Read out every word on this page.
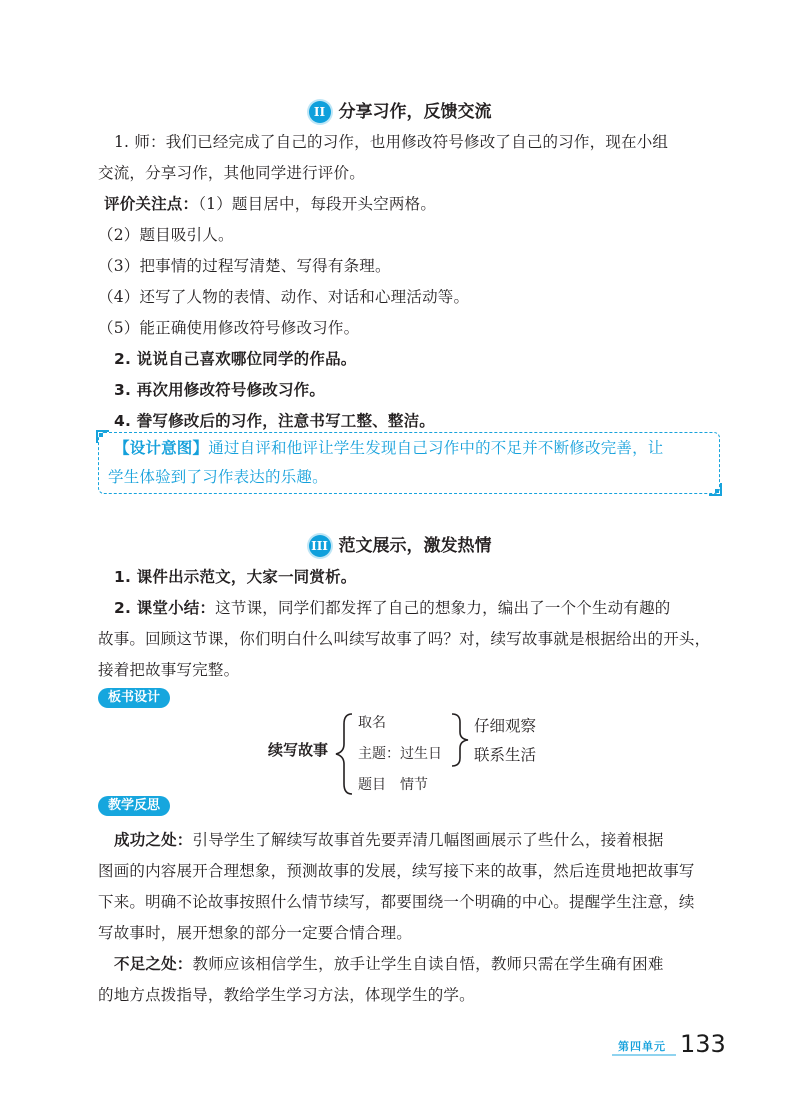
II 分享习作，反馈交流
1. 师：我们已经完成了自己的习作，也用修改符号修改了自己的习作，现在小组
交流，分享习作，其他同学进行评价。
评价关注点：（1）题目居中，每段开头空两格。
（2）题目吸引人。
（3）把事情的过程写清楚、写得有条理。
（4）还写了人物的表情、动作、对话和心理活动等。
（5）能正确使用修改符号修改习作。
2. 说说自己喜欢哪位同学的作品。
3. 再次用修改符号修改习作。
4. 誊写修改后的习作，注意书写工整、整洁。
【设计意图】通过自评和他评让学生发现自己习作中的不足并不断修改完善，让
学生体验到了习作表达的乐趣。
III 范文展示，激发热情
1. 课件出示范文，大家一同赏析。
2. 课堂小结：这节课，同学们都发挥了自己的想象力，编出了一个个生动有趣的
故事。回顾这节课，你们明白什么叫续写故事了吗？对，续写故事就是根据给出的开头，
接着把故事写完整。
板书设计
续写故事
取名
主题：过生日
题目　情节
仔细观察
联系生活
教学反思
成功之处：引导学生了解续写故事首先要弄清几幅图画展示了些什么，接着根据
图画的内容展开合理想象，预测故事的发展，续写接下来的故事，然后连贯地把故事写
下来。明确不论故事按照什么情节续写，都要围绕一个明确的中心。提醒学生注意，续
写故事时，展开想象的部分一定要合情合理。
不足之处：教师应该相信学生，放手让学生自读自悟，教师只需在学生确有困难
的地方点拨指导，教给学生学习方法，体现学生的学。
第四单元 133
